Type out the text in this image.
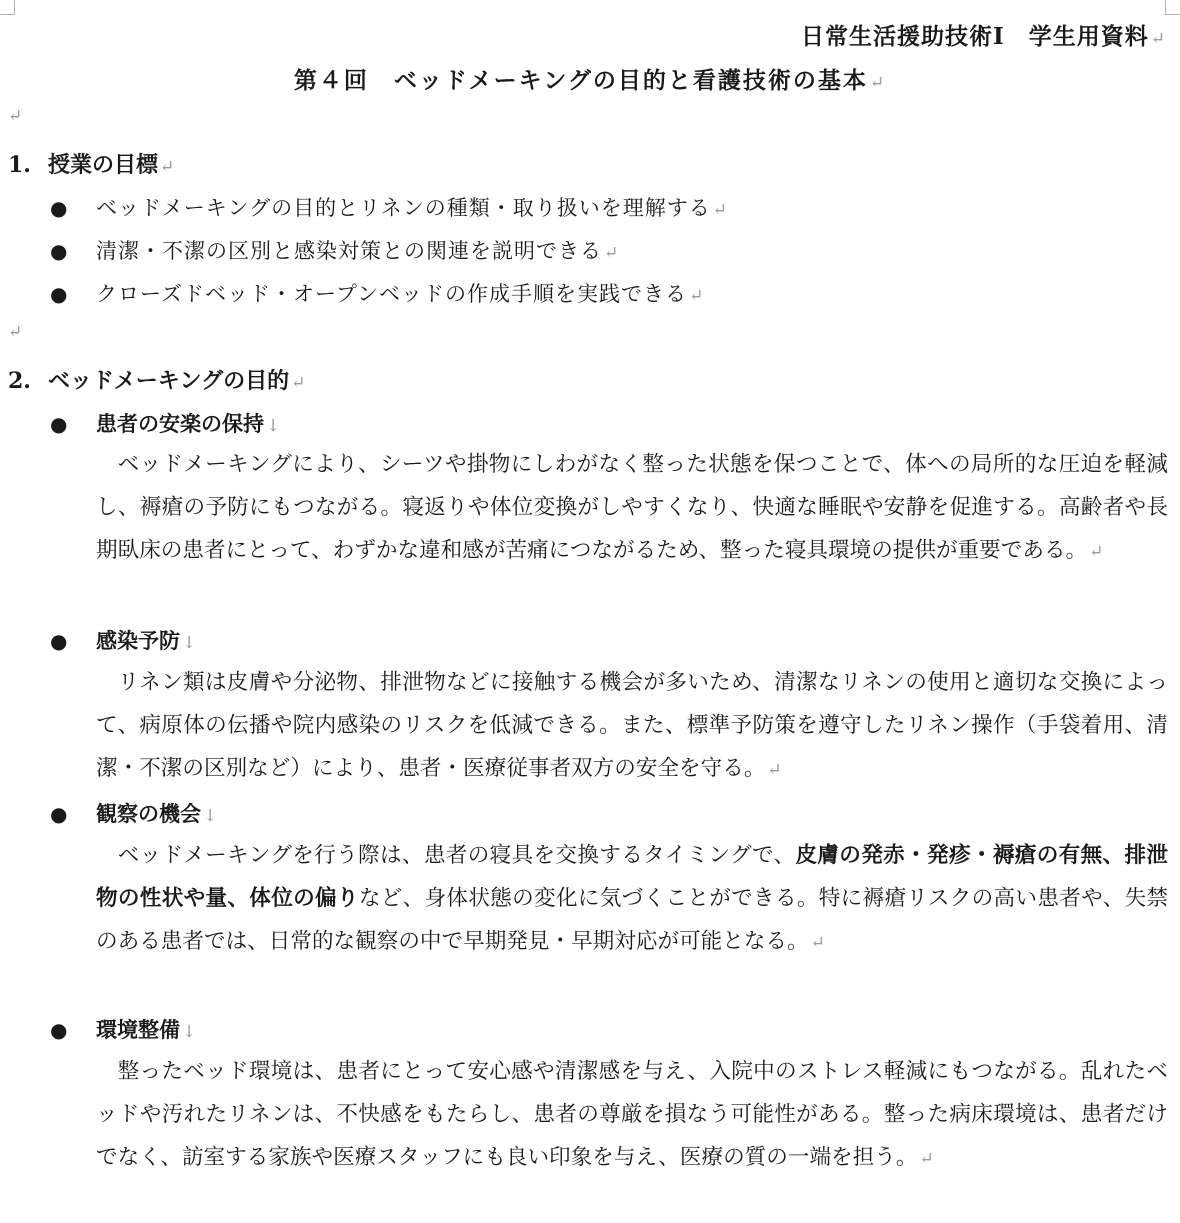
日常生活援助技術Ⅰ　学生用資料 ↵
第４回　ベッドメーキングの目的と看護技術の基本 ↵
↵
1. 授業の目標 ↵
● ベッドメーキングの目的とリネンの種類・取り扱いを理解する ↵
● 清潔・不潔の区別と感染対策との関連を説明できる ↵
● クローズドベッド・オープンベッドの作成手順を実践できる ↵
↵
2. ベッドメーキングの目的 ↵
● 患者の安楽の保持 ↓
ベッドメーキングにより、シーツや掛物にしわがなく整った状態を保つことで、体への局所的な圧迫を軽減し、褥瘡の予防にもつながる。寝返りや体位変換がしやすくなり、快適な睡眠や安静を促進する。高齢者や長期臥床の患者にとって、わずかな違和感が苦痛につながるため、整った寝具環境の提供が重要である。 ↵
● 感染予防 ↓
リネン類は皮膚や分泌物、排泄物などに接触する機会が多いため、清潔なリネンの使用と適切な交換によって、病原体の伝播や院内感染のリスクを低減できる。また、標準予防策を遵守したリネン操作（手袋着用、清潔・不潔の区別など）により、患者・医療従事者双方の安全を守る。 ↵
● 観察の機会 ↓
ベッドメーキングを行う際は、患者の寝具を交換するタイミングで、皮膚の発赤・発疹・褥瘡の有無、排泄物の性状や量、体位の偏りなど、身体状態の変化に気づくことができる。特に褥瘡リスクの高い患者や、失禁のある患者では、日常的な観察の中で早期発見・早期対応が可能となる。 ↵
● 環境整備 ↓
整ったベッド環境は、患者にとって安心感や清潔感を与え、入院中のストレス軽減にもつながる。乱れたベッドや汚れたリネンは、不快感をもたらし、患者の尊厳を損なう可能性がある。整った病床環境は、患者だけでなく、訪室する家族や医療スタッフにも良い印象を与え、医療の質の一端を担う。 ↵
